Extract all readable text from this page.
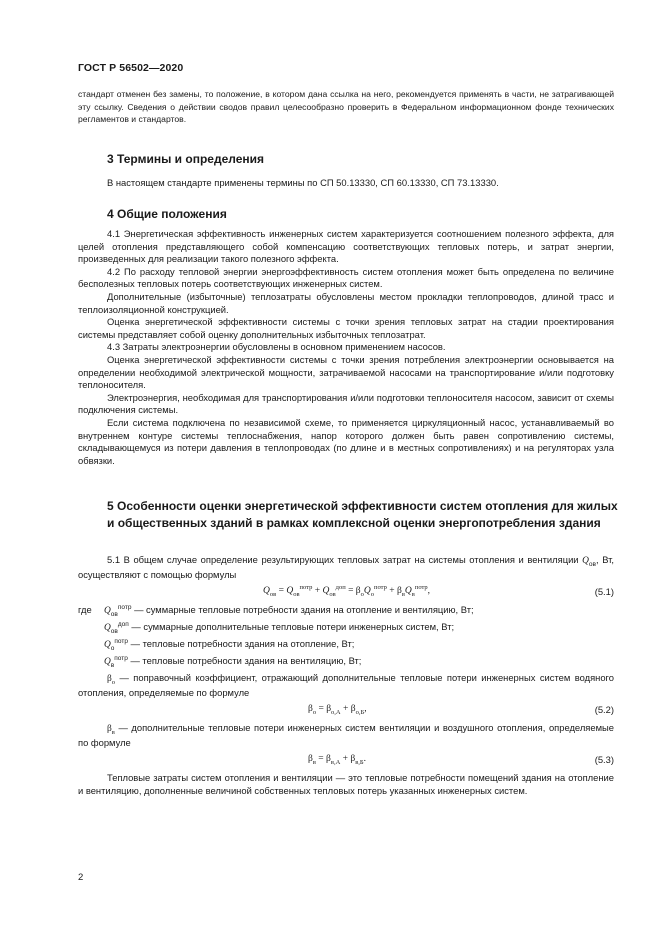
ГОСТ Р 56502—2020
стандарт отменен без замены, то положение, в котором дана ссылка на него, рекомендуется применять в части, не затрагивающей эту ссылку. Сведения о действии сводов правил целесообразно проверить в Федеральном информационном фонде технических регламентов и стандартов.
3 Термины и определения
В настоящем стандарте применены термины по СП 50.13330, СП 60.13330, СП 73.13330.
4 Общие положения

4.1 Энергетическая эффективность инженерных систем характеризуется соотношением полезного эффекта, для целей отопления представляющего собой компенсацию соответствующих тепловых потерь, и затрат энергии, произведенных для реализации такого полезного эффекта.

4.2 По расходу тепловой энергии энергоэффективность систем отопления может быть определена по величине бесполезных тепловых потерь соответствующих инженерных систем.

Дополнительные (избыточные) теплозатраты обусловлены местом прокладки теплопроводов, длиной трасс и теплоизоляционной конструкцией.

Оценка энергетической эффективности системы с точки зрения тепловых затрат на стадии проектирования системы представляет собой оценку дополнительных избыточных теплозатрат.

4.3 Затраты электроэнергии обусловлены в основном применением насосов.

Оценка энергетической эффективности системы с точки зрения потребления электроэнергии основывается на определении необходимой электрической мощности, затрачиваемой насосами на транспортирование и/или подготовку теплоносителя.

Электроэнергия, необходимая для транспортирования и/или подготовки теплоносителя насосом, зависит от схемы подключения системы.

Если система подключена по независимой схеме, то применяется циркуляционный насос, устанавливаемый во внутреннем контуре системы теплоснабжения, напор которого должен быть равен сопротивлению системы, складывающемуся из потери давления в теплопроводах (по длине и в местных сопротивлениях) и на регуляторах узла обвязки.

5 Особенности оценки энергетической эффективности систем отопления для жилых и общественных зданий в рамках комплексной оценки энергопотребления здания

5.1 В общем случае определение результирующих тепловых затрат на системы отопления и вентиляции $Q_{ов}$, Вт, осуществляют с помощью формулы

$Q_{ов} = Q_{ов}^{потр} + Q_{ов}^{доп} = \beta_оQ_о^{потр} + \beta_вQ_в^{потр}$,	(5.1)
где $Q_{ов}^{потр}$ — суммарные тепловые потребности здания на отопление и вентиляцию, Вт;

$Q_{ов}^{доп}$ — суммарные дополнительные тепловые потери инженерных систем, Вт;

$Q_о^{потр}$ — тепловые потребности здания на отопление, Вт;

$Q_в^{потр}$ — тепловые потребности здания на вентиляцию, Вт;

$\beta_о$ — поправочный коэффициент, отражающий дополнительные тепловые потери инженерных систем водяного отопления, определяемые по формуле

$\beta_о = \beta_{о,А} + \beta_{о,Б}$,	(5.2)

$\beta_в$ — дополнительные тепловые потери инженерных систем вентиляции и воздушного отопления, определяемые по формуле

$\beta_в = \beta_{в,А} + \beta_{в,Б}$.	(5.3)

Тепловые затраты систем отопления и вентиляции — это тепловые потребности помещений здания на отопление и вентиляцию, дополненные величиной собственных тепловых потерь указанных инженерных систем.

2
